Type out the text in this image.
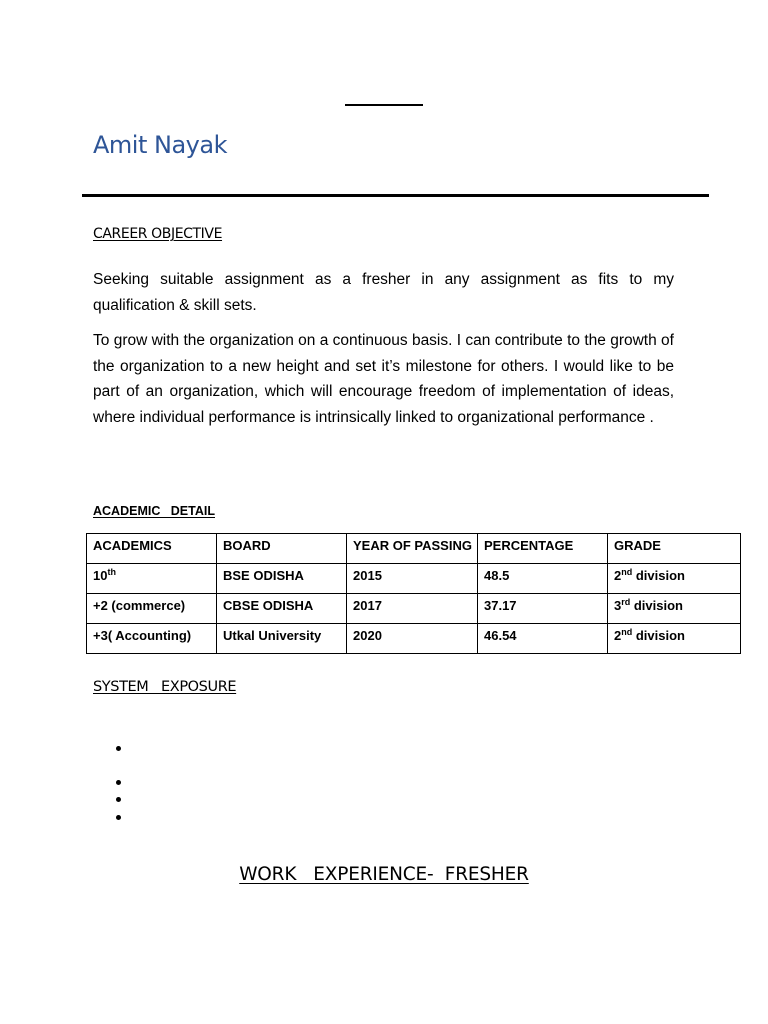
Amit Nayak
CAREER OBJECTIVE

Seeking suitable assignment as a fresher in any assignment as fits to my qualification & skill sets.

To grow with the organization on a continuous basis. I can contribute to the growth of the organization to a new height and set it’s milestone for others. I would like to be part of an organization, which will encourage freedom of implementation of ideas, where individual performance is intrinsically linked to organizational performance .

ACADEMIC   DETAIL
ACADEMICS	BOARD	YEAR OF PASSING	PERCENTAGE	GRADE
10th	BSE ODISHA	2015	48.5	2nd division
+2 (commerce)	CBSE ODISHA	2017	37.17	3rd division
+3( Accounting)	Utkal University	2020	46.54	2nd division
SYSTEM   EXPOSURE
WORK   EXPERIENCE-  FRESHER
